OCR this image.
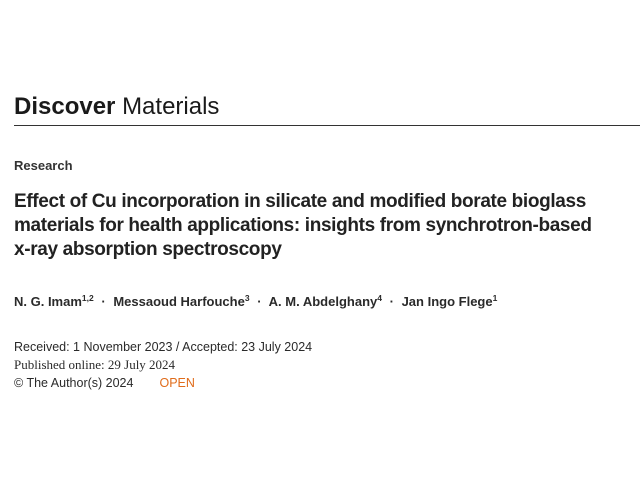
Discover Materials
Research
Effect of Cu incorporation in silicate and modified borate bioglass
materials for health applications: insights from synchrotron-based
x-ray absorption spectroscopy
N. G. Imam$^{1,2}$ · Messaoud Harfouche$^3$ · A. M. Abdelghany$^4$ · Jan Ingo Flege$^1$
Received: 1 November 2023 / Accepted: 23 July 2024
Published online: 29 July 2024
© The Author(s) 2024 OPEN
